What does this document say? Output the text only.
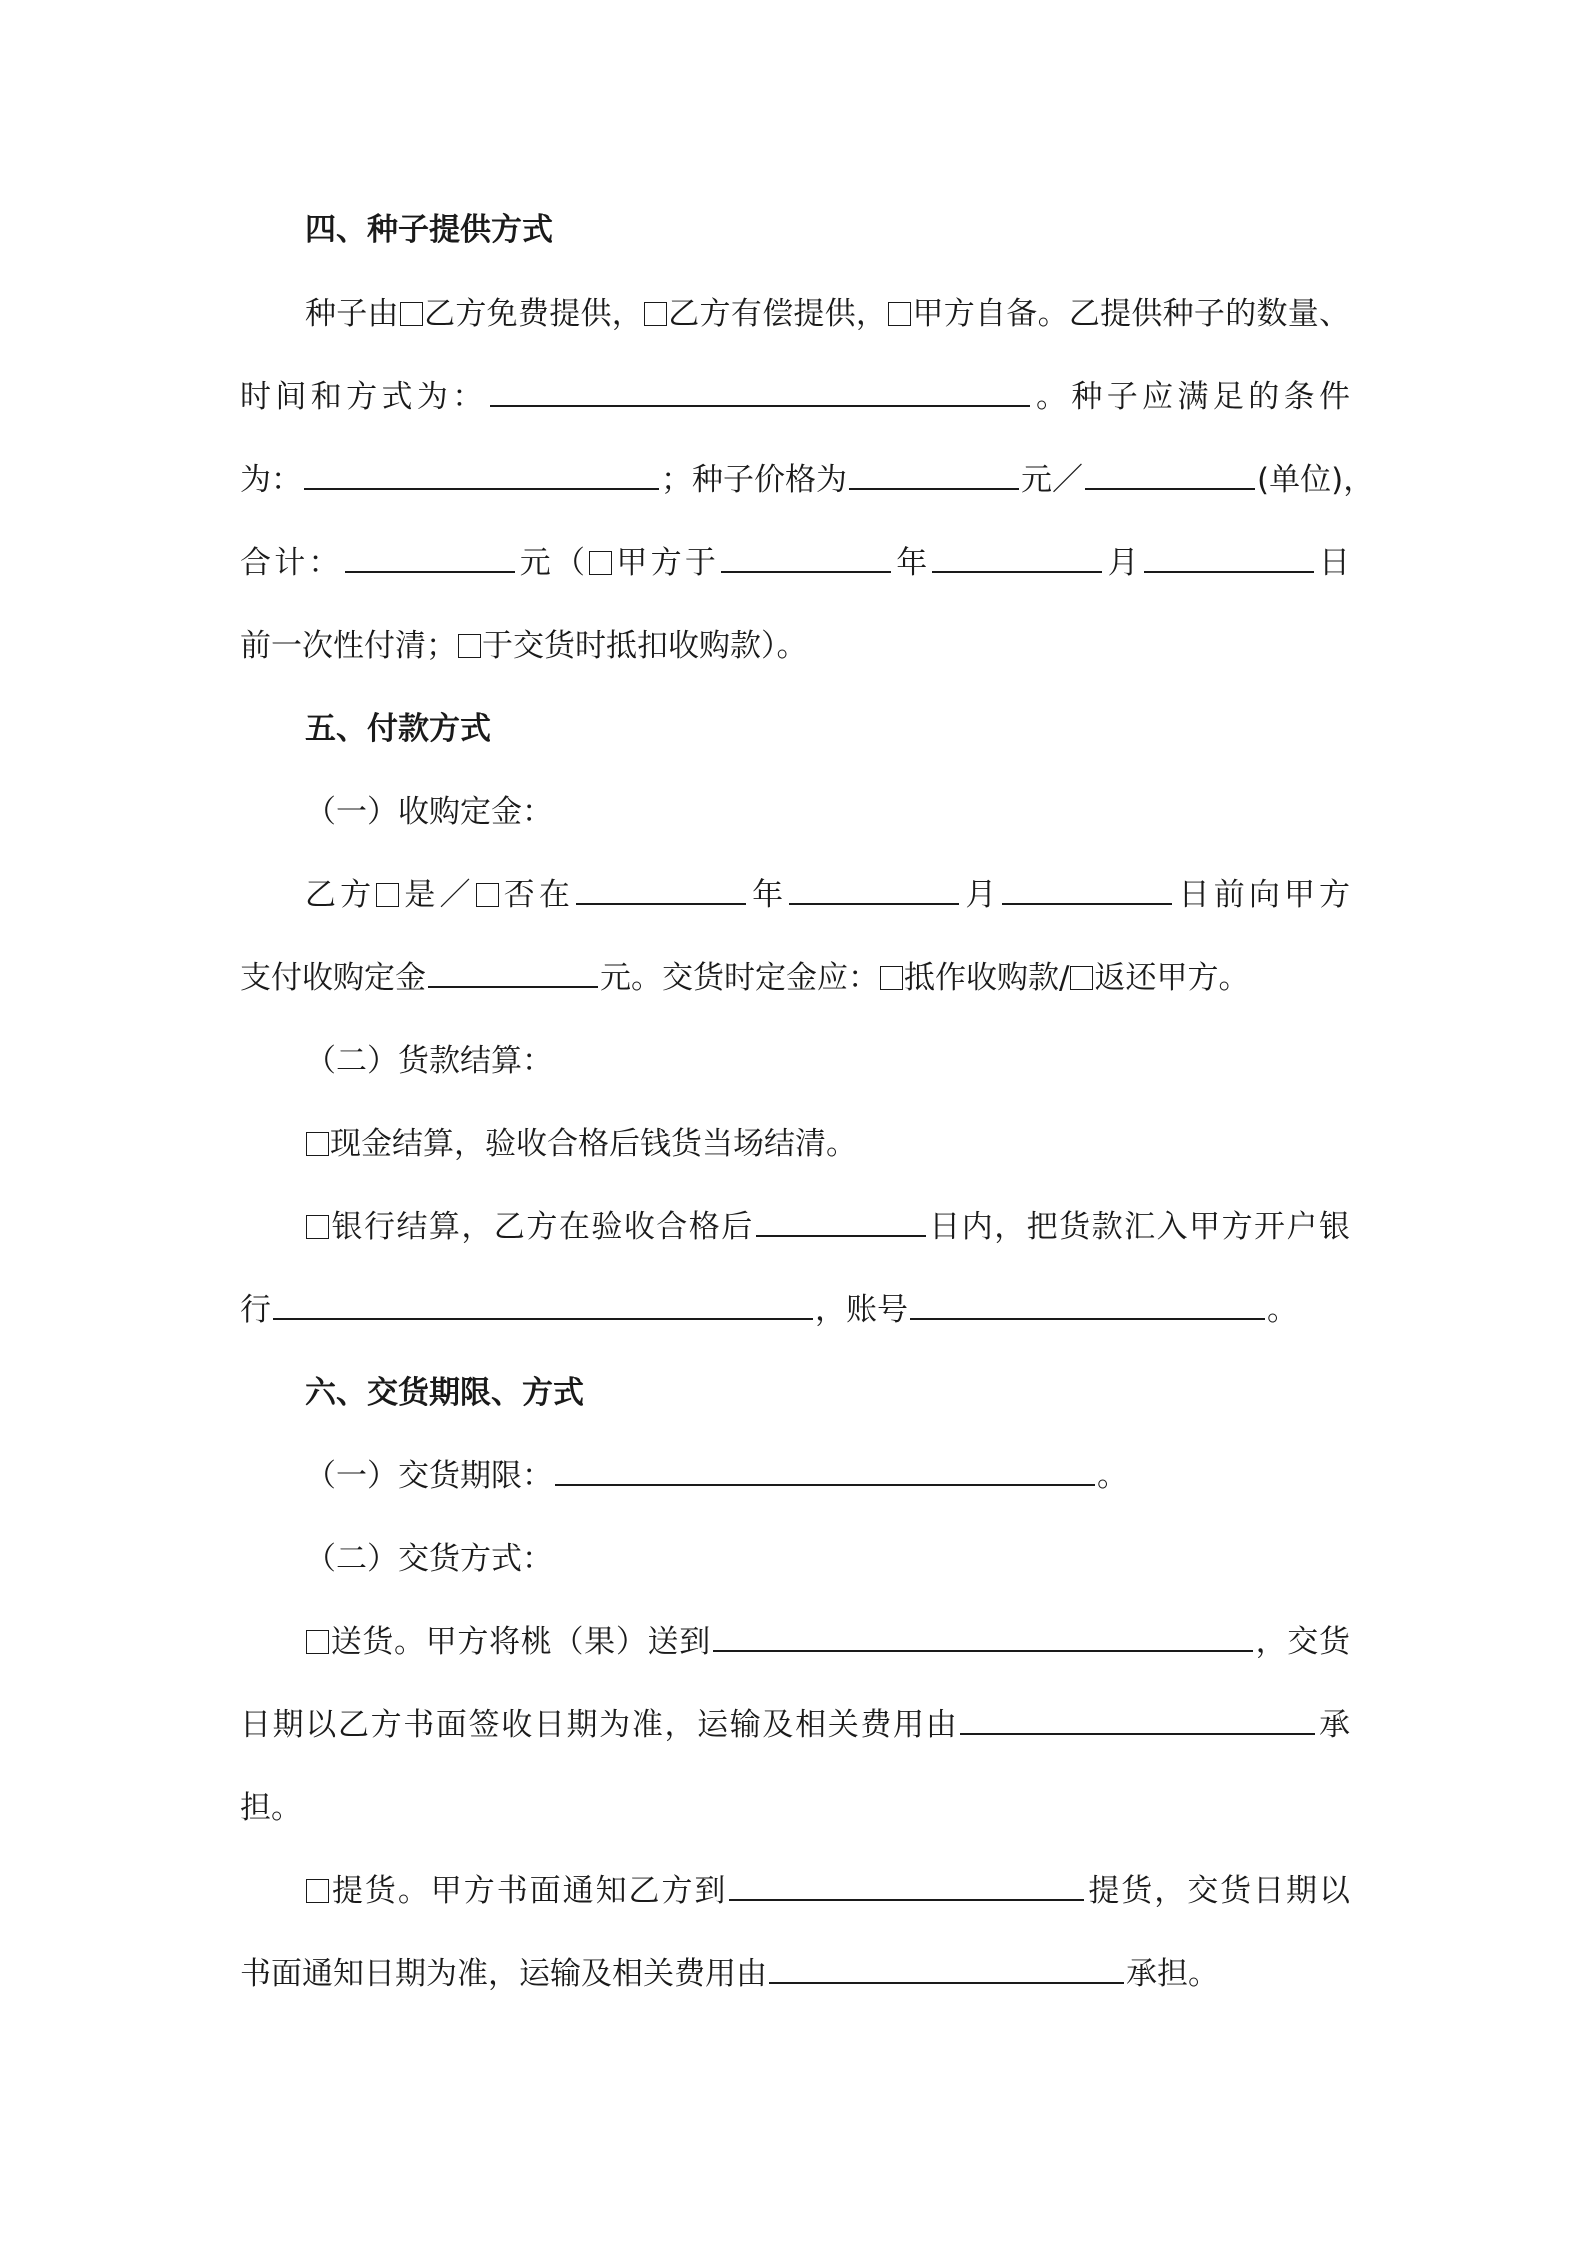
四、种子提供方式
种子由 乙方免费提供， 乙方有偿提供， 甲方自备。乙提供种子的数量、
时间和方式为：	。种子应满足的条件
为：	；种子价格为	元／	(单位)，
合计：	元（ 甲方于	年	月	日
前一次性付清； 于交货时抵扣收购款）。
五、付款方式
（一）收购定金：
乙方 是／ 否在	年	月	日前向甲方
支付收购定金	元。交货时定金应： 抵作收购款/ 返还甲方。
（二）货款结算：
现金结算，验收合格后钱货当场结清。
银行结算，乙方在验收合格后	日内，把货款汇入甲方开户银
行	，账号	。
六、交货期限、方式
（一）交货期限：	。
（二）交货方式：
送货。甲方将桃（果）送到	，交货
日期以乙方书面签收日期为准，运输及相关费用由	承
担。
提货。甲方书面通知乙方到	提货，交货日期以
书面通知日期为准，运输及相关费用由	承担。
